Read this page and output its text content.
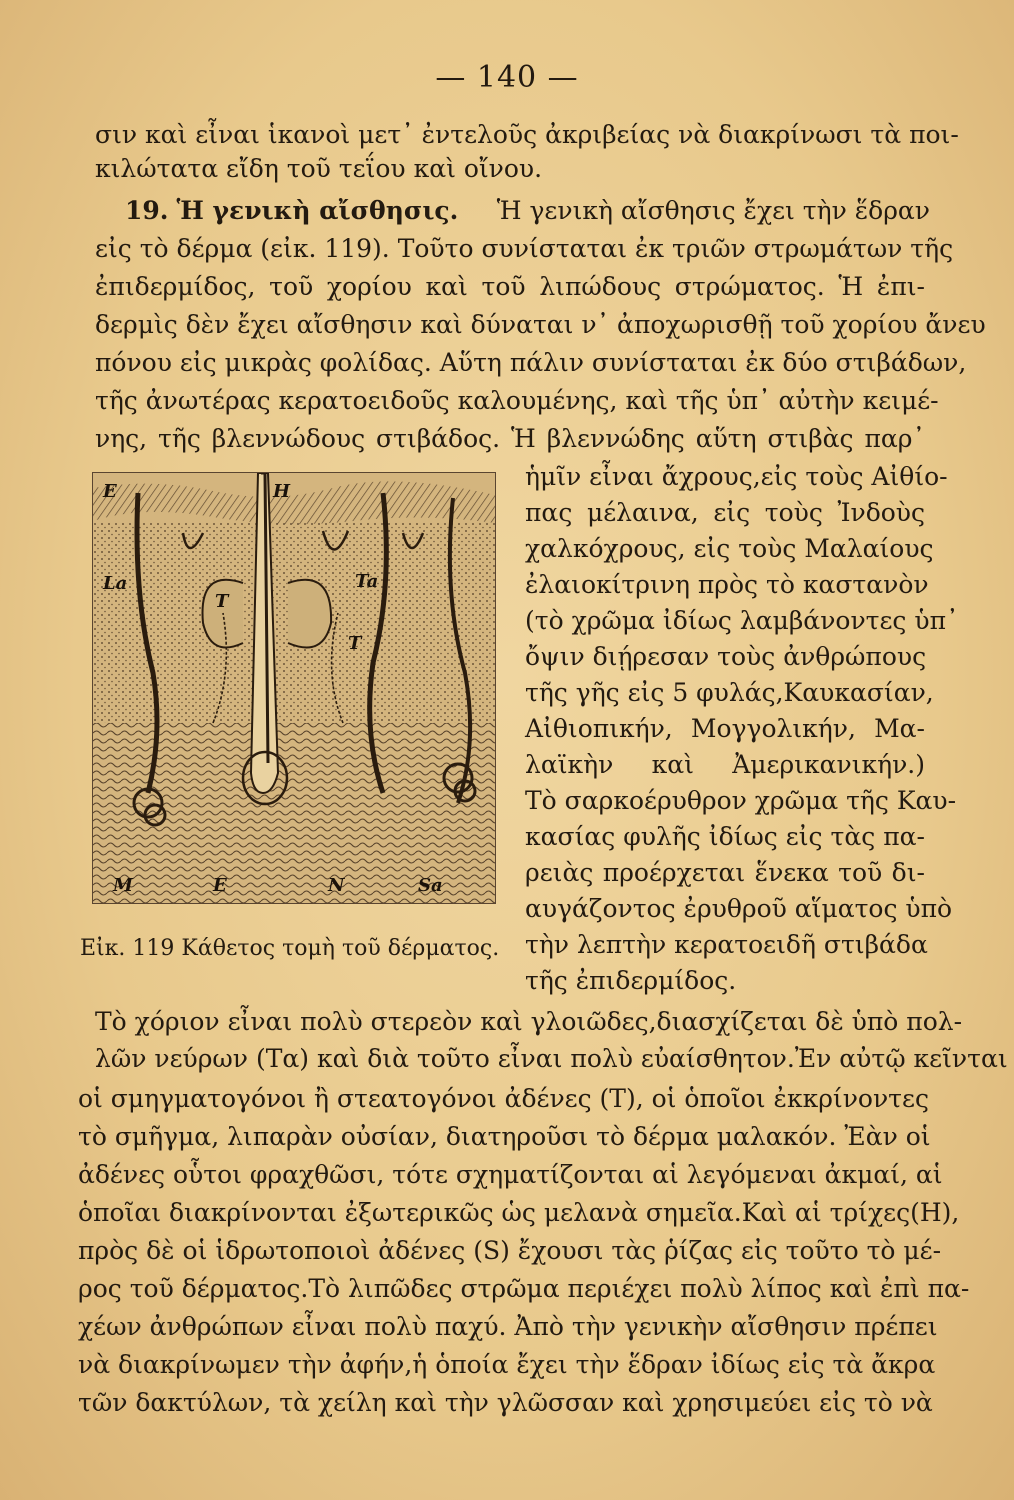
— 140 —
σιν καὶ εἶναι ἱκανοὶ μετ᾽ ἐντελοῦς ἀκριβείας νὰ διακρίνωσι τὰ ποι-
κιλώτατα εἴδη τοῦ τεΐου καὶ οἴνου.
19. Ἡ γενικὴ αἴσθησις. Ἡ γενικὴ αἴσθησις ἔχει τὴν ἕδραν
εἰς τὸ δέρμα (εἰκ. 119). Τοῦτο συνίσταται ἐκ τριῶν στρωμάτων τῆς
ἐπιδερμίδος, τοῦ χορίου καὶ τοῦ λιπώδους στρώματος. Ἡ ἐπι-
δερμὶς δὲν ἔχει αἴσθησιν καὶ δύναται ν᾽ ἀποχωρισθῇ τοῦ χορίου ἄνευ
πόνου εἰς μικρὰς φολίδας. Αὕτη πάλιν συνίσταται ἐκ δύο στιβάδων,
τῆς ἀνωτέρας κερατοειδοῦς καλουμένης, καὶ τῆς ὑπ᾽ αὐτὴν κειμέ-
νης, τῆς βλεννώδους στιβάδος. Ἡ βλεννώδης αὕτη στιβὰς παρ᾽
E	H
La	Ta
T
T
M	E	N	Sa
Εἰκ. 119 Κάθετος τομὴ τοῦ δέρματος.
ἡμῖν εἶναι ἄχρους,εἰς τοὺς Αἰθίο-
πας μέλαινα, εἰς τοὺς Ἰνδοὺς
χαλκόχρους, εἰς τοὺς Μαλαίους
ἐλαιοκίτρινη πρὸς τὸ καστανὸν
(τὸ χρῶμα ἰδίως λαμβάνοντες ὑπ᾽
ὄψιν διῄρεσαν τοὺς ἀνθρώπους
τῆς γῆς εἰς 5 φυλάς,Καυκασίαν,
Αἰθιοπικήν, Μογγολικήν, Μα-
λαϊκὴν καὶ Ἀμερικανικήν.)
Τὸ σαρκοέρυθρον χρῶμα τῆς Καυ-
κασίας φυλῆς ἰδίως εἰς τὰς πα-
ρειὰς προέρχεται ἕνεκα τοῦ δι-
αυγάζοντος ἐρυθροῦ αἵματος ὑπὸ
τὴν λεπτὴν κερατοειδῆ στιβάδα
τῆς ἐπιδερμίδος.
Τὸ χόριον εἶναι πολὺ στερεὸν καὶ γλοιῶδες,διασχίζεται δὲ ὑπὸ πολ-
λῶν νεύρων (Τα) καὶ διὰ τοῦτο εἶναι πολὺ εὐαίσθητον.Ἐν αὐτῷ κεῖνται
οἱ σμηγματογόνοι ἢ στεατογόνοι ἀδένες (Τ), οἱ ὁποῖοι ἐκκρίνοντες
τὸ σμῆγμα, λιπαρὰν οὐσίαν, διατηροῦσι τὸ δέρμα μαλακόν. Ἐὰν οἱ
ἀδένες οὗτοι φραχθῶσι, τότε σχηματίζονται αἱ λεγόμεναι ἀκμαί, αἱ
ὁποῖαι διακρίνονται ἐξωτερικῶς ὡς μελανὰ σημεῖα.Καὶ αἱ τρίχες(Η),
πρὸς δὲ οἱ ἱδρωτοποιοὶ ἀδένες (S) ἔχουσι τὰς ῥίζας εἰς τοῦτο τὸ μέ-
ρος τοῦ δέρματος.Τὸ λιπῶδες στρῶμα περιέχει πολὺ λίπος καὶ ἐπὶ πα-
χέων ἀνθρώπων εἶναι πολὺ παχύ. Ἀπὸ τὴν γενικὴν αἴσθησιν πρέπει
νὰ διακρίνωμεν τὴν ἀφήν,ἡ ὁποία ἔχει τὴν ἕδραν ἰδίως εἰς τὰ ἄκρα
τῶν δακτύλων, τὰ χείλη καὶ τὴν γλῶσσαν καὶ χρησιμεύει εἰς τὸ νὰ
